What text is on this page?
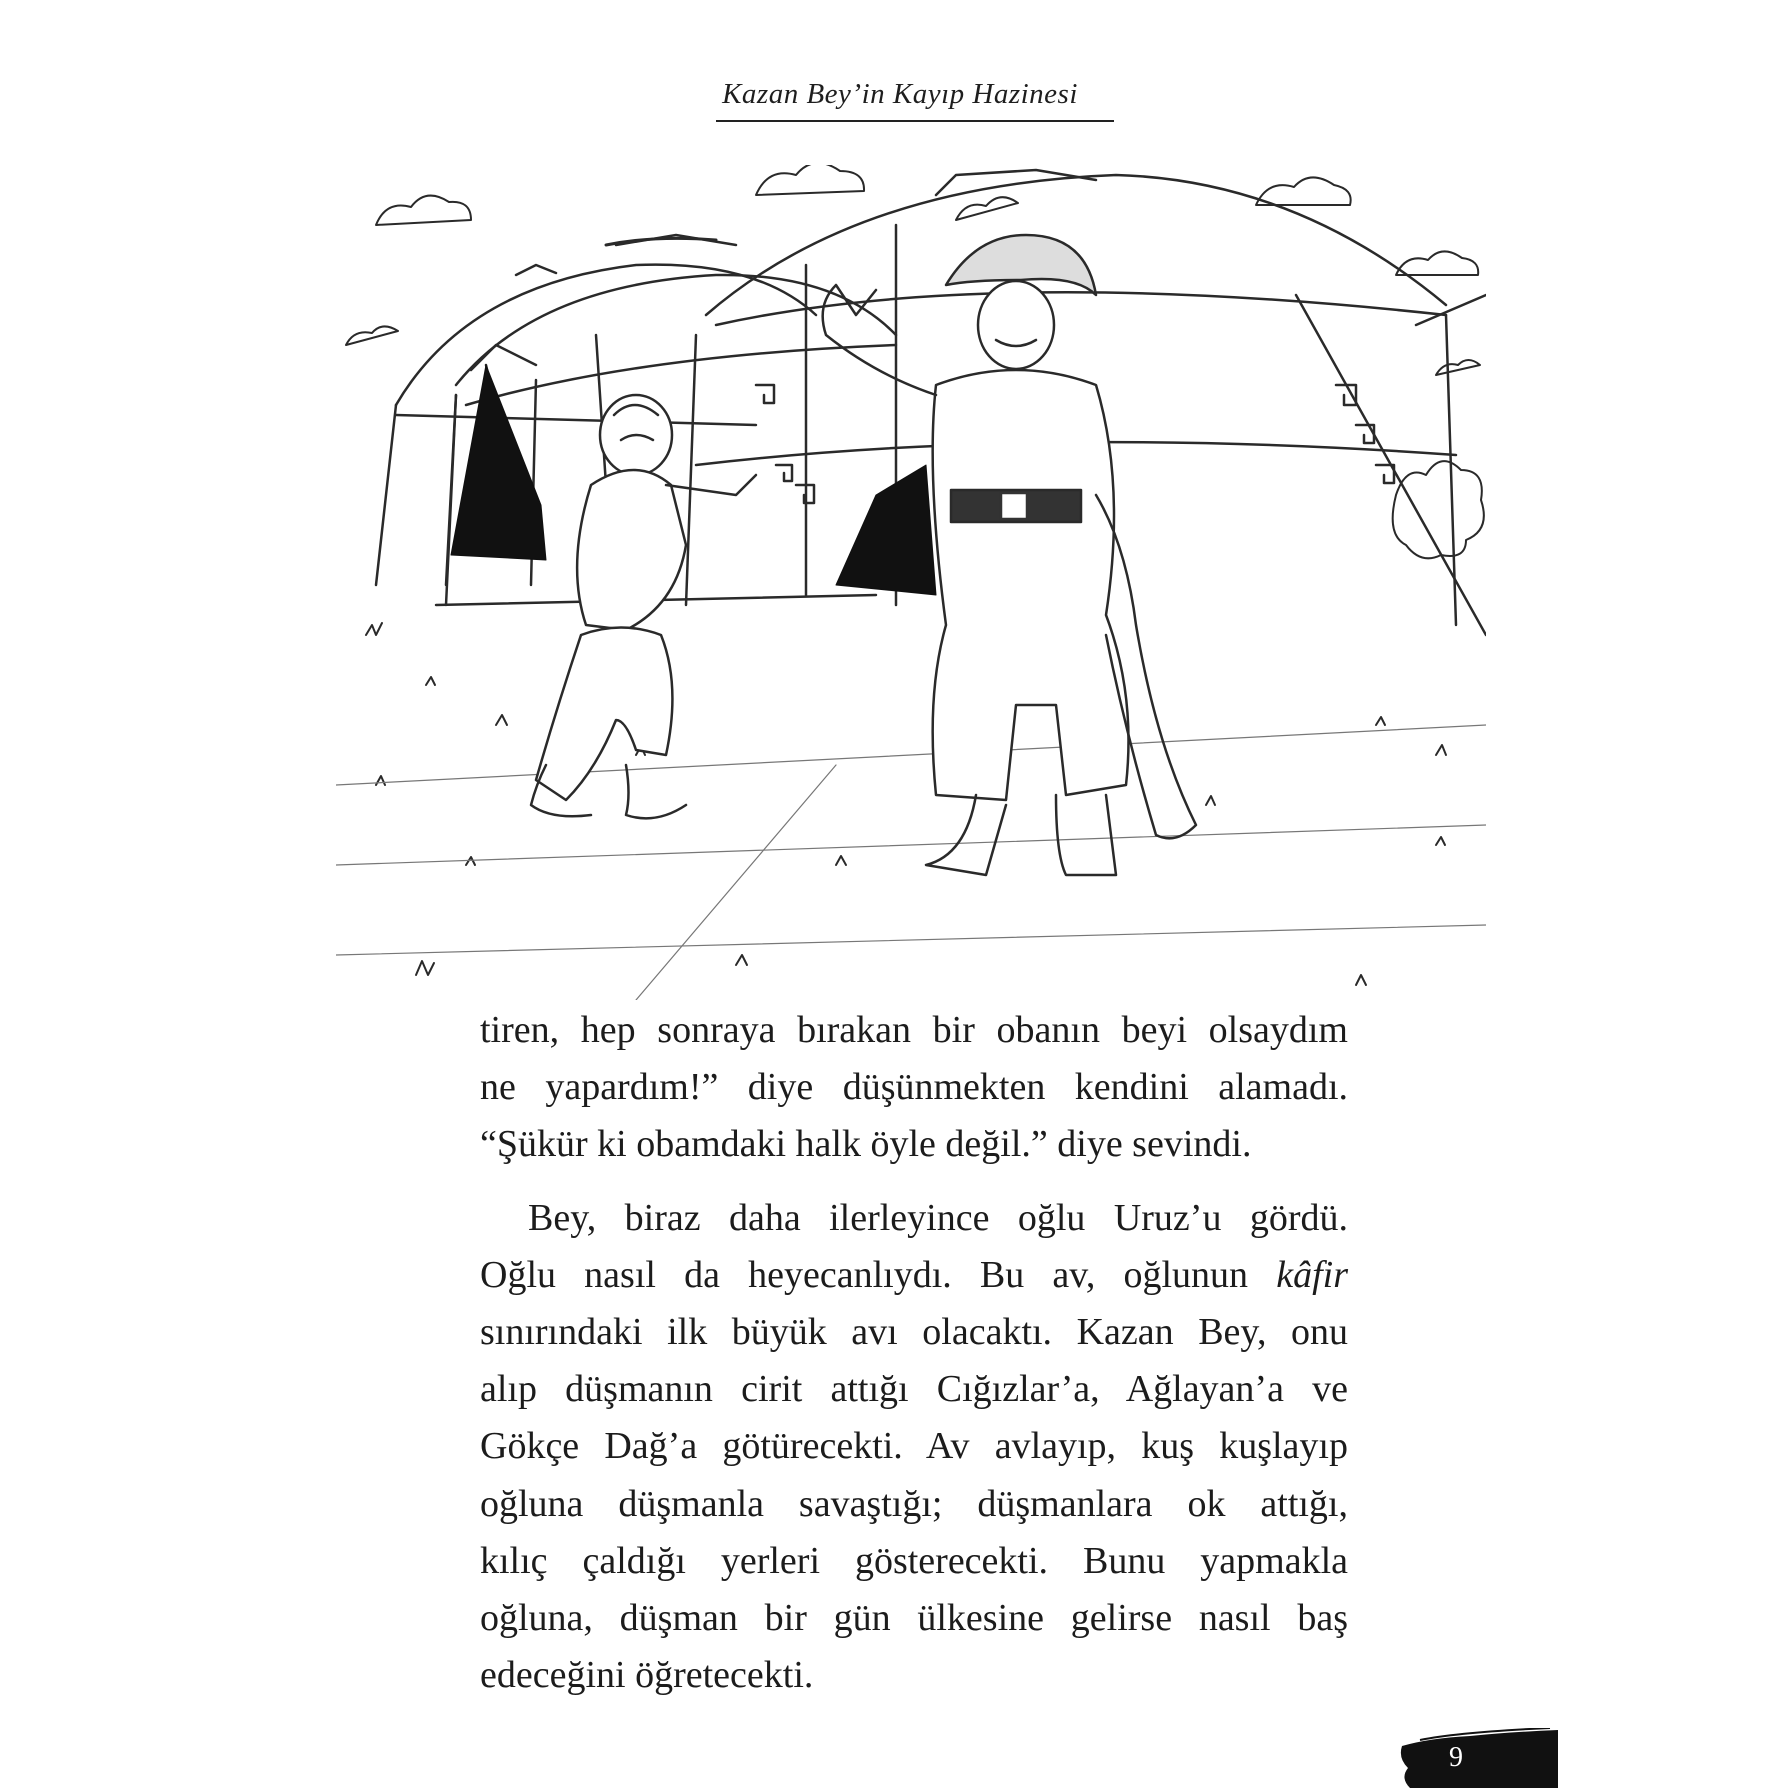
Kazan Bey’in Kayıp Hazinesi
tiren, hep sonraya bırakan bir obanın beyi olsaydım
ne yapardım!” diye düşünmekten kendini alamadı.
“Şükür ki obamdaki halk öyle değil.” diye sevindi.
Bey, biraz daha ilerleyince oğlu Uruz’u gördü.
Oğlu nasıl da heyecanlıydı. Bu av, oğlunun kâfir
sınırındaki ilk büyük avı olacaktı. Kazan Bey, onu
alıp düşmanın cirit attığı Cığızlar’a, Ağlayan’a ve
Gökçe Dağ’a götürecekti. Av avlayıp, kuş kuşlayıp
oğluna düşmanla savaştığı; düşmanlara ok attığı,
kılıç çaldığı yerleri gösterecekti. Bunu yapmakla
oğluna, düşman bir gün ülkesine gelirse nasıl baş
edeceğini öğretecekti.
9
